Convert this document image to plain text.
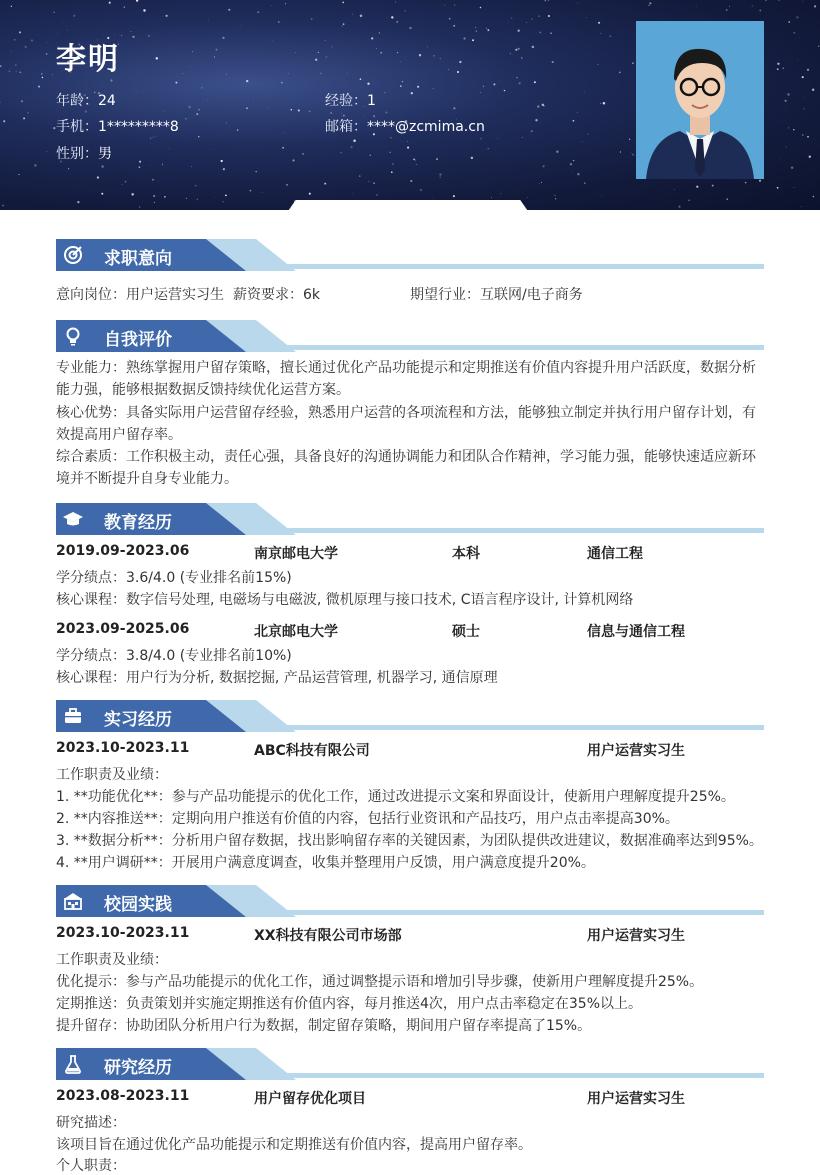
李明
年龄：24	经验：1
手机：1*********8	邮箱：****@zcmima.cn
性别：男
求职意向
意向岗位：用户运营实习生 薪资要求：6k	期望行业：互联网/电子商务
自我评价
专业能力：熟练掌握用户留存策略，擅长通过优化产品功能提示和定期推送有价值内容提升用户活跃度，数据分析能力强，能够根据数据反馈持续优化运营方案。
核心优势：具备实际用户运营留存经验，熟悉用户运营的各项流程和方法，能够独立制定并执行用户留存计划，有效提高用户留存率。
综合素质：工作积极主动，责任心强，具备良好的沟通协调能力和团队合作精神，学习能力强，能够快速适应新环境并不断提升自身专业能力。
教育经历
2019.09-2023.06	南京邮电大学	本科	通信工程
学分绩点：3.6/4.0 (专业排名前15%)
核心课程：数字信号处理, 电磁场与电磁波, 微机原理与接口技术, C语言程序设计, 计算机网络
2023.09-2025.06	北京邮电大学	硕士	信息与通信工程
学分绩点：3.8/4.0 (专业排名前10%)
核心课程：用户行为分析, 数据挖掘, 产品运营管理, 机器学习, 通信原理
实习经历
2023.10-2023.11	ABC科技有限公司	用户运营实习生
工作职责及业绩：
1. **功能优化**：参与产品功能提示的优化工作，通过改进提示文案和界面设计，使新用户理解度提升25%。
2. **内容推送**：定期向用户推送有价值的内容，包括行业资讯和产品技巧，用户点击率提高30%。
3. **数据分析**：分析用户留存数据，找出影响留存率的关键因素，为团队提供改进建议，数据准确率达到95%。
4. **用户调研**：开展用户满意度调查，收集并整理用户反馈，用户满意度提升20%。
校园实践
2023.10-2023.11	XX科技有限公司市场部	用户运营实习生
工作职责及业绩：
优化提示：参与产品功能提示的优化工作，通过调整提示语和增加引导步骤，使新用户理解度提升25%。
定期推送：负责策划并实施定期推送有价值内容，每月推送4次，用户点击率稳定在35%以上。
提升留存：协助团队分析用户行为数据，制定留存策略，期间用户留存率提高了15%。
研究经历
2023.08-2023.11	用户留存优化项目	用户运营实习生
研究描述：
该项目旨在通过优化产品功能提示和定期推送有价值内容，提高用户留存率。
个人职责：
